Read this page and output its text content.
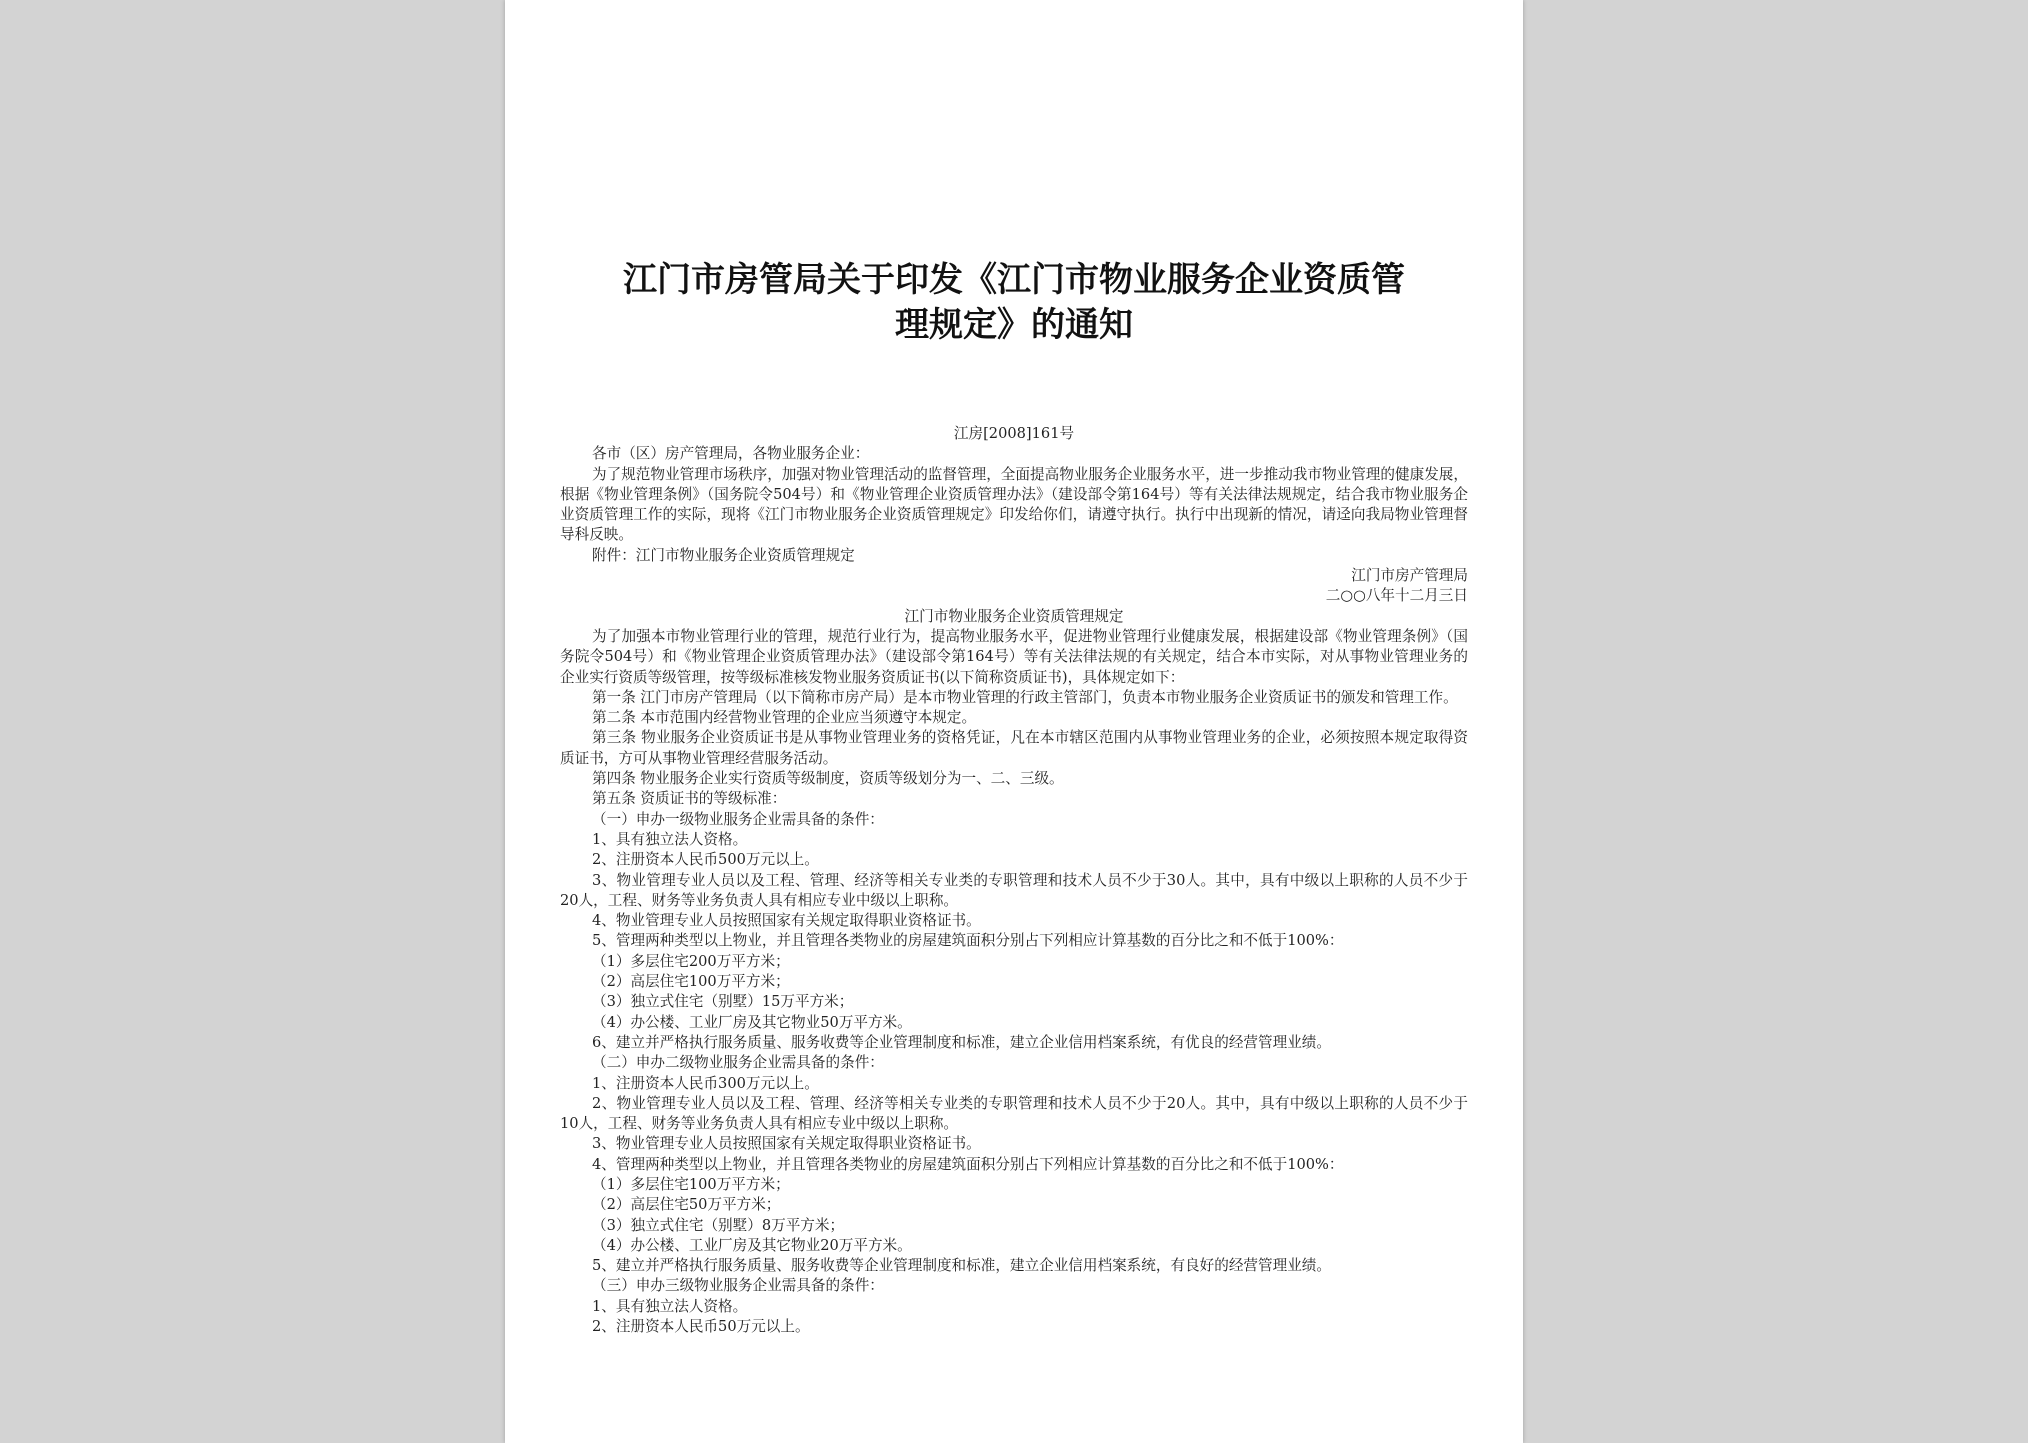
江门市房管局关于印发《江门市物业服务企业资质管
理规定》的通知

江房[2008]161号

各市（区）房产管理局，各物业服务企业：

为了规范物业管理市场秩序，加强对物业管理活动的监督管理，全面提高物业服务企业服务水平，进一步推动我市物业管理的健康发展，根据《物业管理条例》（国务院令504号）和《物业管理企业资质管理办法》（建设部令第164号）等有关法律法规规定，结合我市物业服务企业资质管理工作的实际，现将《江门市物业服务企业资质管理规定》印发给你们，请遵守执行。执行中出现新的情况，请迳向我局物业管理督导科反映。

附件：江门市物业服务企业资质管理规定

江门市房产管理局

二○○八年十二月三日

江门市物业服务企业资质管理规定

为了加强本市物业管理行业的管理，规范行业行为，提高物业服务水平，促进物业管理行业健康发展，根据建设部《物业管理条例》（国务院令504号）和《物业管理企业资质管理办法》（建设部令第164号）等有关法律法规的有关规定，结合本市实际，对从事物业管理业务的企业实行资质等级管理，按等级标准核发物业服务资质证书(以下简称资质证书)，具体规定如下：

第一条 江门市房产管理局（以下简称市房产局）是本市物业管理的行政主管部门，负责本市物业服务企业资质证书的颁发和管理工作。

第二条 本市范围内经营物业管理的企业应当须遵守本规定。

第三条 物业服务企业资质证书是从事物业管理业务的资格凭证，凡在本市辖区范围内从事物业管理业务的企业，必须按照本规定取得资质证书，方可从事物业管理经营服务活动。

第四条 物业服务企业实行资质等级制度，资质等级划分为一、二、三级。

第五条 资质证书的等级标准：

（一）申办一级物业服务企业需具备的条件：

1、具有独立法人资格。

2、注册资本人民币500万元以上。

3、物业管理专业人员以及工程、管理、经济等相关专业类的专职管理和技术人员不少于30人。其中，具有中级以上职称的人员不少于20人，工程、财务等业务负责人具有相应专业中级以上职称。

4、物业管理专业人员按照国家有关规定取得职业资格证书。

5、管理两种类型以上物业，并且管理各类物业的房屋建筑面积分别占下列相应计算基数的百分比之和不低于100%：

（1）多层住宅200万平方米；

（2）高层住宅100万平方米；

（3）独立式住宅（别墅）15万平方米；

（4）办公楼、工业厂房及其它物业50万平方米。

6、建立并严格执行服务质量、服务收费等企业管理制度和标准，建立企业信用档案系统，有优良的经营管理业绩。

（二）申办二级物业服务企业需具备的条件：

1、注册资本人民币300万元以上。

2、物业管理专业人员以及工程、管理、经济等相关专业类的专职管理和技术人员不少于20人。其中，具有中级以上职称的人员不少于10人，工程、财务等业务负责人具有相应专业中级以上职称。

3、物业管理专业人员按照国家有关规定取得职业资格证书。

4、管理两种类型以上物业，并且管理各类物业的房屋建筑面积分别占下列相应计算基数的百分比之和不低于100%：

（1）多层住宅100万平方米；

（2）高层住宅50万平方米；

（3）独立式住宅（别墅）8万平方米；

（4）办公楼、工业厂房及其它物业20万平方米。

5、建立并严格执行服务质量、服务收费等企业管理制度和标准，建立企业信用档案系统，有良好的经营管理业绩。

（三）申办三级物业服务企业需具备的条件：

1、具有独立法人资格。

2、注册资本人民币50万元以上。
